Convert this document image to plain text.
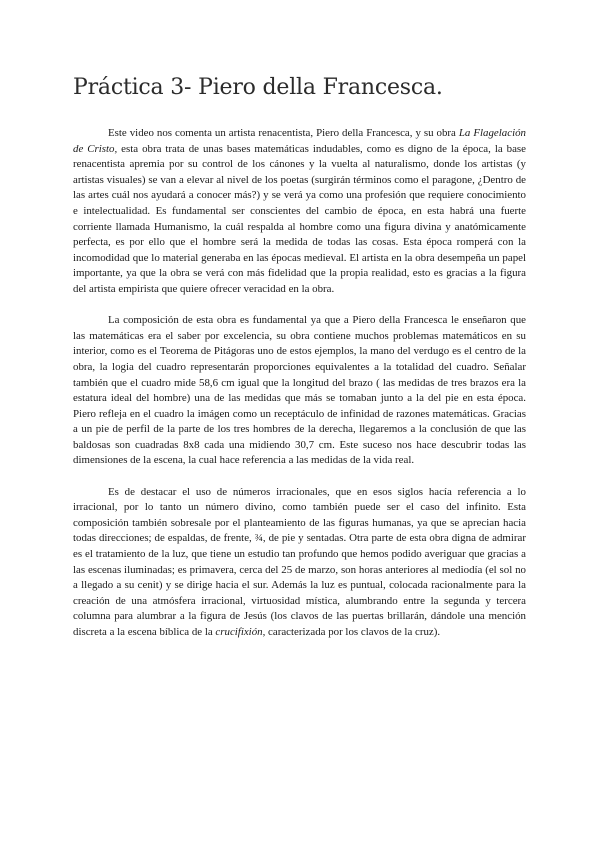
Práctica 3- Piero della Francesca.

Este video nos comenta un artista renacentista, Piero della Francesca, y su obra La Flagelación de Cristo, esta obra trata de unas bases matemáticas indudables, como es digno de la época, la base renacentista apremia por su control de los cánones y la vuelta al naturalismo, donde los artistas (y artistas visuales) se van a elevar al nivel de los poetas (surgirán términos como el paragone, ¿Dentro de las artes cuál nos ayudará a conocer más?) y se verá ya como una profesión que requiere conocimiento e intelectualidad. Es fundamental ser conscientes del cambio de época, en esta habrá una fuerte corriente llamada Humanismo, la cuál respalda al hombre como una figura divina y anatómicamente perfecta, es por ello que el hombre será la medida de todas las cosas. Esta época romperá con la incomodidad que lo material generaba en las épocas medieval. El artista en la obra desempeña un papel importante, ya que la obra se verá con más fidelidad que la propia realidad, esto es gracias a la figura del artista empirista que quiere ofrecer veracidad en la obra.

La composición de esta obra es fundamental ya que a Piero della Francesca le enseñaron que las matemáticas era el saber por excelencia, su obra contiene muchos problemas matemáticos en su interior, como es el Teorema de Pitágoras uno de estos ejemplos, la mano del verdugo es el centro de la obra, la logia del cuadro representarán proporciones equivalentes a la totalidad del cuadro. Señalar también que el cuadro mide 58,6 cm igual que la longitud del brazo ( las medidas de tres brazos era la estatura ideal del hombre) una de las medidas que más se tomaban junto a la del pie en esta época. Piero refleja en el cuadro la imágen como un receptáculo de infinidad de razones matemáticas. Gracias a un pie de perfil de la parte de los tres hombres de la derecha, llegaremos a la conclusión de que las baldosas son cuadradas 8x8 cada una midiendo 30,7 cm. Este suceso nos hace descubrir todas las dimensiones de la escena, la cual hace referencia a las medidas de la vida real.

Es de destacar el uso de números irracionales, que en esos siglos hacía referencia a lo irracional, por lo tanto un número divino, como también puede ser el caso del infinito. Esta composición también sobresale por el planteamiento de las figuras humanas, ya que se aprecian hacia todas direcciones; de espaldas, de frente, ¾, de pie y sentadas. Otra parte de esta obra digna de admirar es el tratamiento de la luz, que tiene un estudio tan profundo que hemos podido averiguar que gracias a las escenas iluminadas; es primavera, cerca del 25 de marzo, son horas anteriores al mediodía (el sol no a llegado a su cenit) y se dirige hacia el sur. Además la luz es puntual, colocada racionalmente para la creación de una atmósfera irracional, virtuosidad mística, alumbrando entre la segunda y tercera columna para alumbrar a la figura de Jesús (los clavos de las puertas brillarán, dándole una mención discreta a la escena bíblica de la crucifixión, caracterizada por los clavos de la cruz).
